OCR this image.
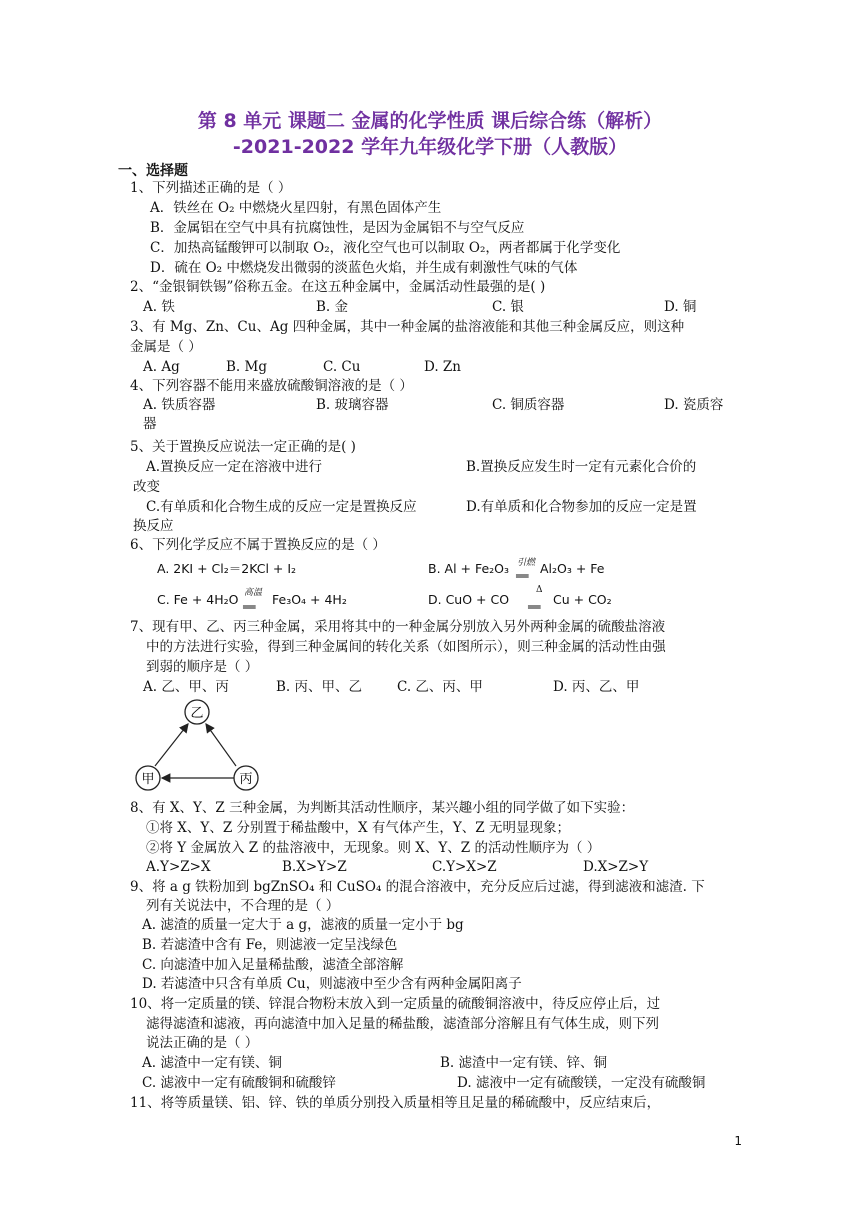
第 8 单元 课题二 金属的化学性质 课后综合练（解析）
-2021-2022 学年九年级化学下册（人教版）
一、选择题
1、下列描述正确的是（ ）
A．铁丝在 O₂ 中燃烧火星四射，有黑色固体产生
B．金属铝在空气中具有抗腐蚀性，是因为金属铝不与空气反应
C．加热高锰酸钾可以制取 O₂，液化空气也可以制取 O₂，两者都属于化学变化
D．硫在 O₂ 中燃烧发出微弱的淡蓝色火焰，并生成有刺激性气味的气体
2、“金银铜铁锡”俗称五金。在这五种金属中，金属活动性最强的是( )
A. 铁	B. 金	C. 银	D. 铜
3、有 Mg、Zn、Cu、Ag 四种金属，其中一种金属的盐溶液能和其他三种金属反应，则这种
金属是（ ）
A. Ag	B. Mg	C. Cu	D. Zn
4、下列容器不能用来盛放硫酸铜溶液的是（ ）
A. 铁质容器	B. 玻璃容器	C. 铜质容器	D. 瓷质容
器
5、关于置换反应说法一定正确的是( )
A.置换反应一定在溶液中进行	B.置换反应发生时一定有元素化合价的
改变
C.有单质和化合物生成的反应一定是置换反应	D.有单质和化合物参加的反应一定是置
换反应
6、下列化学反应不属于置换反应的是（ ）
A. 2KI + Cl₂＝2KCl + I₂	B. Al + Fe₂O₃ 引燃
══ Al₂O₃ + Fe
C. Fe + 4H₂O 高温
══ Fe₃O₄ + 4H₂	D. CuO + CO
Δ
══ Cu + CO₂
7、现有甲、乙、丙三种金属，采用将其中的一种金属分别放入另外两种金属的硫酸盐溶液
中的方法进行实验，得到三种金属间的转化关系（如图所示），则三种金属的活动性由强
到弱的顺序是（ ）
A. 乙、甲、丙	B. 丙、甲、乙	C. 乙、丙、甲	D. 丙、乙、甲
乙
甲	丙
8、有 X、Y、Z 三种金属，为判断其活动性顺序，某兴趣小组的同学做了如下实验：
①将 X、Y、Z 分别置于稀盐酸中，X 有气体产生，Y、Z 无明显现象；
②将 Y 金属放入 Z 的盐溶液中，无现象。则 X、Y、Z 的活动性顺序为（ ）
A.Y>Z>X	B.X>Y>Z	C.Y>X>Z	D.X>Z>Y
9、将 a g 铁粉加到 bgZnSO₄ 和 CuSO₄ 的混合溶液中，充分反应后过滤，得到滤液和滤渣. 下
列有关说法中，不合理的是（ ）
A. 滤渣的质量一定大于 a g，滤液的质量一定小于 bg
B. 若滤渣中含有 Fe，则滤液一定呈浅绿色
C. 向滤渣中加入足量稀盐酸，滤渣全部溶解
D. 若滤渣中只含有单质 Cu，则滤液中至少含有两种金属阳离子
10、将一定质量的镁、锌混合物粉末放入到一定质量的硫酸铜溶液中，待反应停止后，过
滤得滤渣和滤液，再向滤渣中加入足量的稀盐酸，滤渣部分溶解且有气体生成，则下列
说法正确的是（ ）
A. 滤渣中一定有镁、铜	B. 滤渣中一定有镁、锌、铜
C. 滤液中一定有硫酸铜和硫酸锌	D. 滤液中一定有硫酸镁，一定没有硫酸铜
11、将等质量镁、铝、锌、铁的单质分别投入质量相等且足量的稀硫酸中，反应结束后，
1
